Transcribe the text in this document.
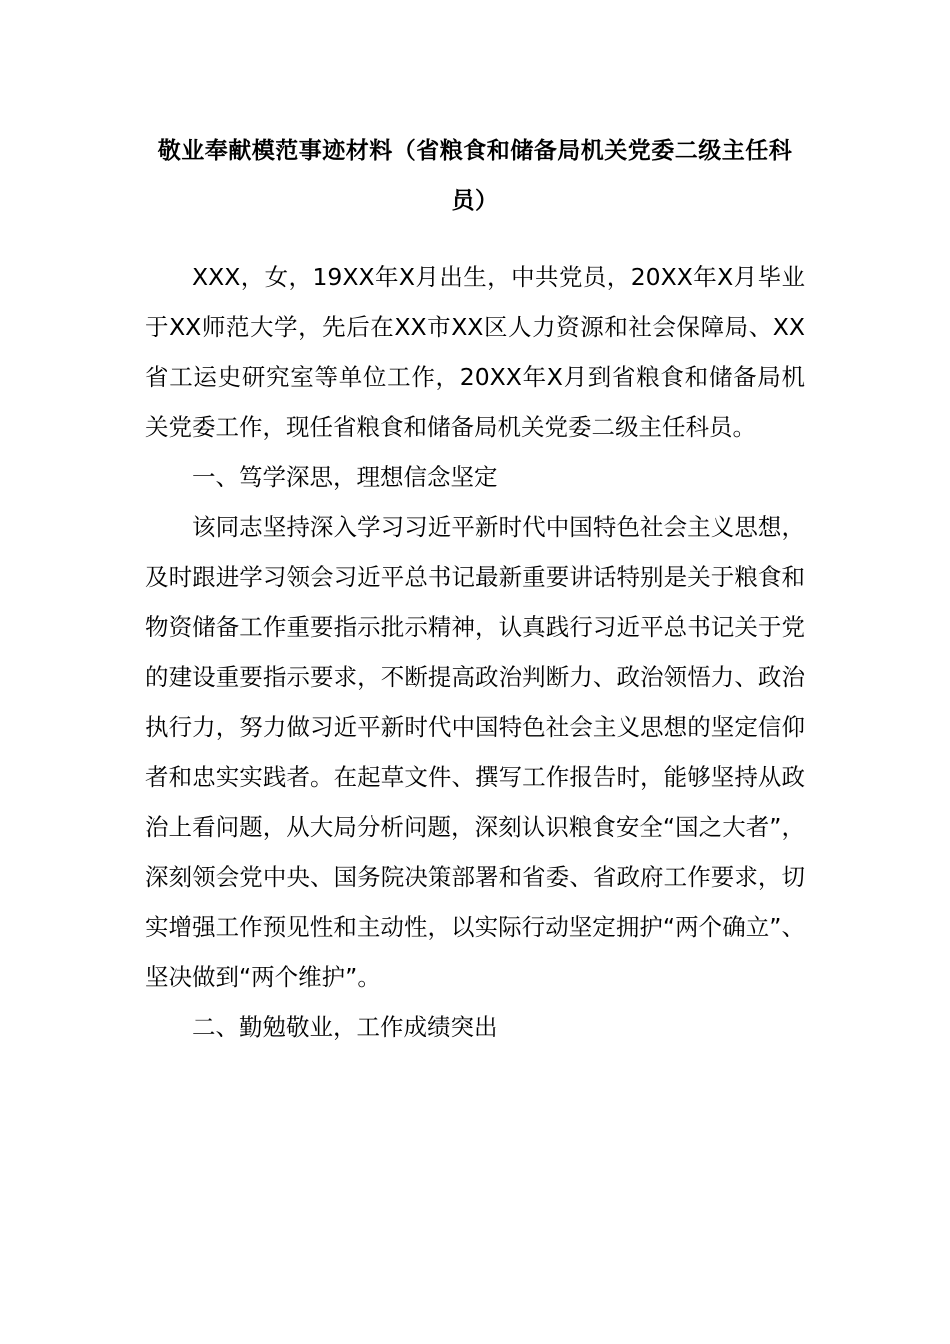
敬业奉献模范事迹材料（省粮食和储备局机关党委二级主任科员）

XXX，女，19XX年X月出生，中共党员，20XX年X月毕业于XX师范大学，先后在XX市XX区人力资源和社会保障局、XX省工运史研究室等单位工作，20XX年X月到省粮食和储备局机关党委工作，现任省粮食和储备局机关党委二级主任科员。

一、笃学深思，理想信念坚定

该同志坚持深入学习习近平新时代中国特色社会主义思想，及时跟进学习领会习近平总书记最新重要讲话特别是关于粮食和物资储备工作重要指示批示精神，认真践行习近平总书记关于党的建设重要指示要求，不断提高政治判断力、政治领悟力、政治执行力，努力做习近平新时代中国特色社会主义思想的坚定信仰者和忠实实践者。在起草文件、撰写工作报告时，能够坚持从政治上看问题，从大局分析问题，深刻认识粮食安全“国之大者”，深刻领会党中央、国务院决策部署和省委、省政府工作要求，切实增强工作预见性和主动性，以实际行动坚定拥护“两个确立”、坚决做到“两个维护”。

二、勤勉敬业，工作成绩突出
